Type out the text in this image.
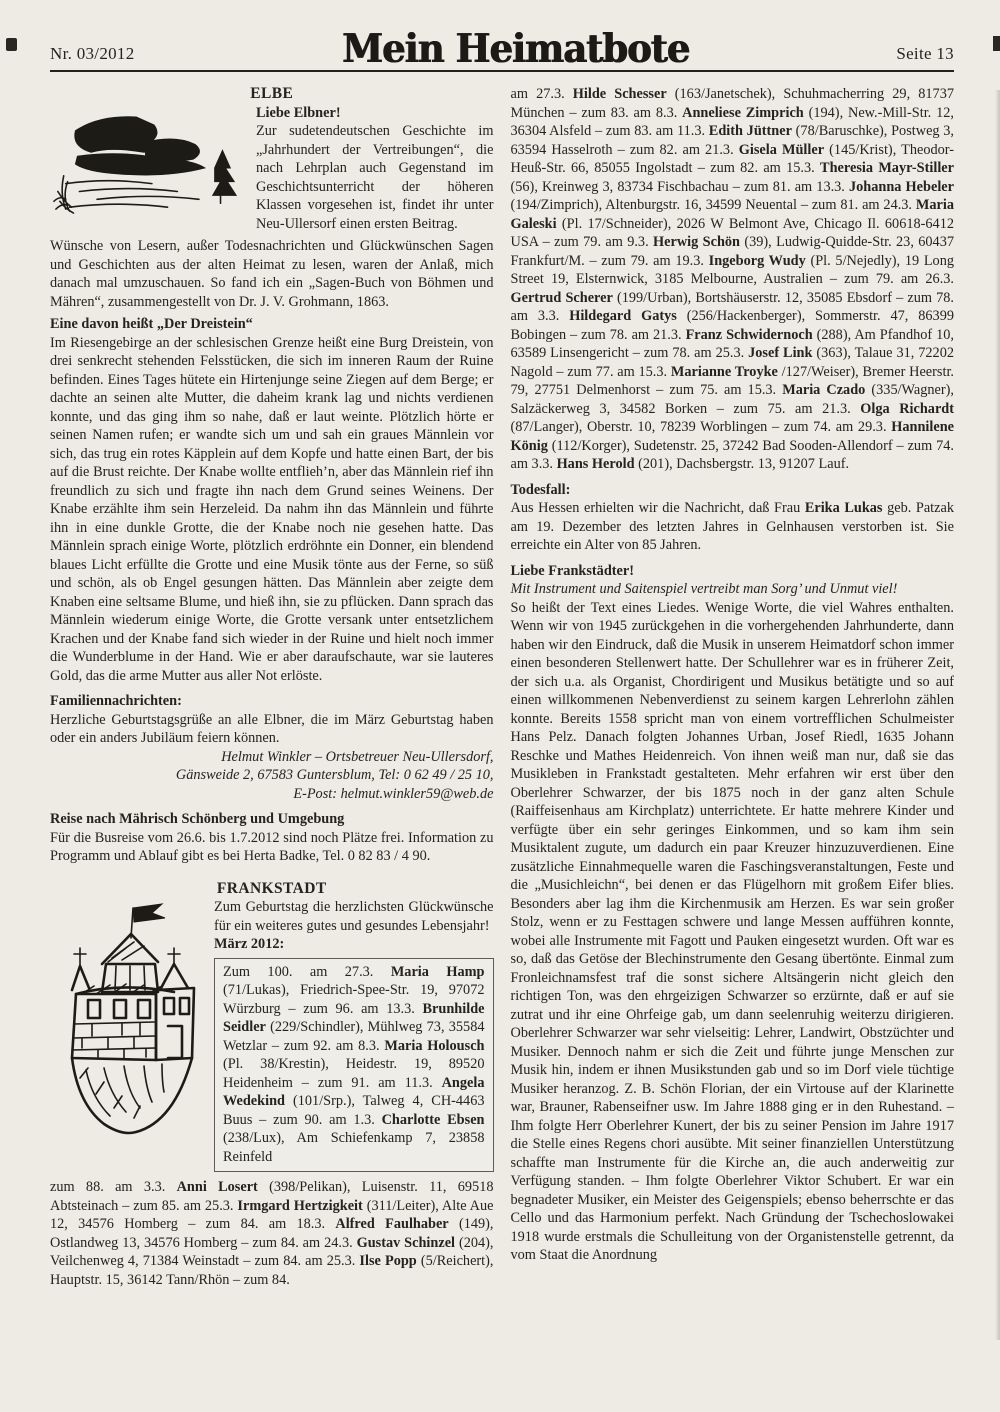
Nr. 03/2012	Mein Heimatbote	Seite 13

ELBE

Liebe Elbner!

Zur sudetendeutschen Geschichte im „Jahrhundert der Vertreibungen“, die nach Lehrplan auch Gegenstand im Geschichtsunterricht der höheren Klassen vorgesehen ist, findet ihr unter Neu-Ullersorf einen ersten Beitrag.

Wünsche von Lesern, außer Todesnachrichten und Glückwünschen Sagen und Geschichten aus der alten Heimat zu lesen, waren der Anlaß, mich danach mal umzuschauen. So fand ich ein „Sagen-Buch von Böhmen und Mähren“, zusammengestellt von Dr. J. V. Grohmann, 1863.

Eine davon heißt „Der Dreistein“

Im Riesengebirge an der schlesischen Grenze heißt eine Burg Dreistein, von drei senkrecht stehenden Felsstücken, die sich im inneren Raum der Ruine befinden. Eines Tages hütete ein Hirtenjunge seine Ziegen auf dem Berge; er dachte an seinen alte Mutter, die daheim krank lag und nichts verdienen konnte, und das ging ihm so nahe, daß er laut weinte. Plötzlich hörte er seinen Namen rufen; er wandte sich um und sah ein graues Männlein vor sich, das trug ein rotes Käpplein auf dem Kopfe und hatte einen Bart, der bis auf die Brust reichte. Der Knabe wollte entflieh’n, aber das Männlein rief ihn freundlich zu sich und fragte ihn nach dem Grund seines Weinens. Der Knabe erzählte ihm sein Herzeleid. Da nahm ihn das Männlein und führte ihn in eine dunkle Grotte, die der Knabe noch nie gesehen hatte. Das Männlein sprach einige Worte, plötzlich erdröhnte ein Donner, ein blendend blaues Licht erfüllte die Grotte und eine Musik tönte aus der Ferne, so süß und schön, als ob Engel gesungen hätten. Das Männlein aber zeigte dem Knaben eine seltsame Blume, und hieß ihn, sie zu pflücken. Dann sprach das Männlein wiederum einige Worte, die Grotte versank unter entsetzlichem Krachen und der Knabe fand sich wieder in der Ruine und hielt noch immer die Wunderblume in der Hand. Wie er aber daraufschaute, war sie lauteres Gold, das die arme Mutter aus aller Not erlöste.

Familiennachrichten:

Herzliche Geburtstagsgrüße an alle Elbner, die im März Geburtstag haben oder ein anders Jubiläum feiern können.

Helmut Winkler – Ortsbetreuer Neu-Ullersdorf,
Gänsweide 2, 67583 Guntersblum, Tel: 0 62 49 / 25 10,
E-Post: helmut.winkler59@web.de

Reise nach Mährisch Schönberg und Umgebung

Für die Busreise vom 26.6. bis 1.7.2012 sind noch Plätze frei. Information zu Programm und Ablauf gibt es bei Herta Badke, Tel. 0 82 83 / 4 90.

FRANKSTADT

Zum Geburtstag die herzlichsten Glückwünsche für ein weiteres gutes und gesundes Lebensjahr!

März 2012:

Zum 100. am 27.3. Maria Hamp (71/Lukas), Friedrich-Spee-Str. 19, 97072 Würzburg – zum 96. am 13.3. Brunhilde Seidler (229/Schindler), Mühlweg 73, 35584 Wetzlar – zum 92. am 8.3. Maria Holousch (Pl. 38/Krestin), Heidestr. 19, 89520 Heidenheim – zum 91. am 11.3. Angela Wedekind (101/Srp.), Talweg 4, CH-4463 Buus – zum 90. am 1.3. Charlotte Ebsen (238/Lux), Am Schiefenkamp 7, 23858 Reinfeld

zum 88. am 3.3. Anni Losert (398/Pelikan), Luisenstr. 11, 69518 Abtsteinach – zum 85. am 25.3. Irmgard Hertzigkeit (311/Leiter), Alte Aue 12, 34576 Homberg – zum 84. am 18.3. Alfred Faulhaber (149), Ostlandweg 13, 34576 Homberg – zum 84. am 24.3. Gustav Schinzel (204), Veilchenweg 4, 71384 Weinstadt – zum 84. am 25.3. Ilse Popp (5/Reichert), Hauptstr. 15, 36142 Tann/Rhön – zum 84.

am 27.3. Hilde Schesser (163/Janetschek), Schuhmacherring 29, 81737 München – zum 83. am 8.3. Anneliese Zimprich (194), New.-Mill-Str. 12, 36304 Alsfeld – zum 83. am 11.3. Edith Jüttner (78/Baruschke), Postweg 3, 63594 Hasselroth – zum 82. am 21.3. Gisela Müller (145/Krist), Theodor-Heuß-Str. 66, 85055 Ingolstadt – zum 82. am 15.3. Theresia Mayr-Stiller (56), Kreinweg 3, 83734 Fischbachau – zum 81. am 13.3. Johanna Hebeler (194/Zimprich), Altenburgstr. 16, 34599 Neuental – zum 81. am 24.3. Maria Galeski (Pl. 17/Schneider), 2026 W Belmont Ave, Chicago Il. 60618-6412 USA – zum 79. am 9.3. Herwig Schön (39), Ludwig-Quidde-Str. 23, 60437 Frankfurt/M. – zum 79. am 19.3. Ingeborg Wudy (Pl. 5/Nejedly), 19 Long Street 19, Elsternwick, 3185 Melbourne, Australien – zum 79. am 26.3. Gertrud Scherer (199/Urban), Bortshäuserstr. 12, 35085 Ebsdorf – zum 78. am 3.3. Hildegard Gatys (256/Hackenberger), Sommerstr. 47, 86399 Bobingen – zum 78. am 21.3. Franz Schwidernoch (288), Am Pfandhof 10, 63589 Linsengericht – zum 78. am 25.3. Josef Link (363), Talaue 31, 72202 Nagold – zum 77. am 15.3. Marianne Troyke /127/Weiser), Bremer Heerstr. 79, 27751 Delmenhorst – zum 75. am 15.3. Maria Czado (335/Wagner), Salzäckerweg 3, 34582 Borken – zum 75. am 21.3. Olga Richardt (87/Langer), Oberstr. 10, 78239 Worblingen – zum 74. am 29.3. Hannilene König (112/Korger), Sudetenstr. 25, 37242 Bad Sooden-Allendorf – zum 74. am 3.3. Hans Herold (201), Dachsbergstr. 13, 91207 Lauf.

Todesfall:

Aus Hessen erhielten wir die Nachricht, daß Frau Erika Lukas geb. Patzak am 19. Dezember des letzten Jahres in Gelnhausen verstorben ist. Sie erreichte ein Alter von 85 Jahren.

Liebe Frankstädter!

Mit Instrument und Saitenspiel vertreibt man Sorg’ und Unmut viel!

So heißt der Text eines Liedes. Wenige Worte, die viel Wahres enthalten. Wenn wir von 1945 zurückgehen in die vorhergehenden Jahrhunderte, dann haben wir den Eindruck, daß die Musik in unserem Heimatdorf schon immer einen besonderen Stellenwert hatte. Der Schullehrer war es in früherer Zeit, der sich u.a. als Organist, Chordirigent und Musikus betätigte und so auf einen willkommenen Nebenverdienst zu seinem kargen Lehrerlohn zählen konnte. Bereits 1558 spricht man von einem vortrefflichen Schulmeister Hans Pelz. Danach folgten Johannes Urban, Josef Riedl, 1635 Johann Reschke und Mathes Heidenreich. Von ihnen weiß man nur, daß sie das Musikleben in Frankstadt gestalteten. Mehr erfahren wir erst über den Oberlehrer Schwarzer, der bis 1875 noch in der ganz alten Schule (Raiffeisenhaus am Kirchplatz) unterrichtete. Er hatte mehrere Kinder und verfügte über ein sehr geringes Einkommen, und so kam ihm sein Musiktalent zugute, um dadurch ein paar Kreuzer hinzuzuverdienen. Eine zusätzliche Einnahmequelle waren die Faschingsveranstaltungen, Feste und die „Musichleichn“, bei denen er das Flügelhorn mit großem Eifer blies. Besonders aber lag ihm die Kirchenmusik am Herzen. Es war sein großer Stolz, wenn er zu Festtagen schwere und lange Messen aufführen konnte, wobei alle Instrumente mit Fagott und Pauken eingesetzt wurden. Oft war es so, daß das Getöse der Blechinstrumente den Gesang übertönte. Einmal zum Fronleichnamsfest traf die sonst sichere Altsängerin nicht gleich den richtigen Ton, was den ehrgeizigen Schwarzer so erzürnte, daß er auf sie zutrat und ihr eine Ohrfeige gab, um dann seelenruhig weiterzu dirigieren. Oberlehrer Schwarzer war sehr vielseitig: Lehrer, Landwirt, Obstzüchter und Musiker. Dennoch nahm er sich die Zeit und führte junge Menschen zur Musik hin, indem er ihnen Musikstunden gab und so im Dorf viele tüchtige Musiker heranzog. Z. B. Schön Florian, der ein Virtouse auf der Klarinette war, Brauner, Rabenseifner usw. Im Jahre 1888 ging er in den Ruhestand. – Ihm folgte Herr Oberlehrer Kunert, der bis zu seiner Pension im Jahre 1917 die Stelle eines Regens chori ausübte. Mit seiner finanziellen Unterstützung schaffte man Instrumente für die Kirche an, die auch anderweitig zur Verfügung standen. – Ihm folgte Oberlehrer Viktor Schubert. Er war ein begnadeter Musiker, ein Meister des Geigenspiels; ebenso beherrschte er das Cello und das Harmonium perfekt. Nach Gründung der Tschechoslowakei 1918 wurde erstmals die Schulleitung von der Organistenstelle getrennt, da vom Staat die Anordnung
